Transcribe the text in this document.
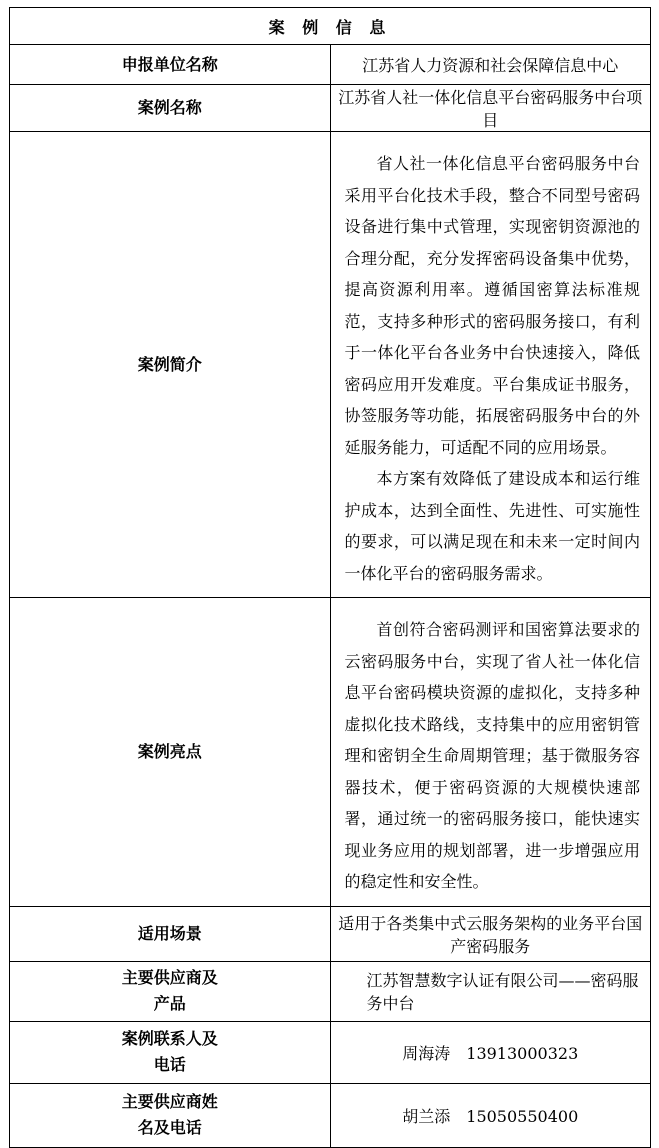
案 例 信 息	
申报单位名称	江苏省人力资源和社会保障信息中心
案例名称	江苏省人社一体化信息平台密码服务中台项目
案例简介	省人社一体化信息平台密码服务中台采用平台化技术手段，整合不同型号密码设备进行集中式管理，实现密钥资源池的合理分配，充分发挥密码设备集中优势，提高资源利用率。遵循国密算法标准规范，支持多种形式的密码服务接口，有利于一体化平台各业务中台快速接入，降低密码应用开发难度。平台集成证书服务，协签服务等功能，拓展密码服务中台的外延服务能力，可适配不同的应用场景。

本方案有效降低了建设成本和运行维护成本，达到全面性、先进性、可实施性的要求，可以满足现在和未来一定时间内一体化平台的密码服务需求。

案例亮点	首创符合密码测评和国密算法要求的云密码服务中台，实现了省人社一体化信息平台密码模块资源的虚拟化，支持多种虚拟化技术路线，支持集中的应用密钥管理和密钥全生命周期管理；基于微服务容器技术，便于密码资源的大规模快速部署，通过统一的密码服务接口，能快速实现业务应用的规划部署，进一步增强应用的稳定性和安全性。

适用场景	适用于各类集中式云服务架构的业务平台国产密码服务

主要供应商及
产品	江苏智慧数字认证有限公司——密码服务中台

案例联系人及
电话	周海涛 13913000323

主要供应商姓
名及电话	胡兰添 15050550400
